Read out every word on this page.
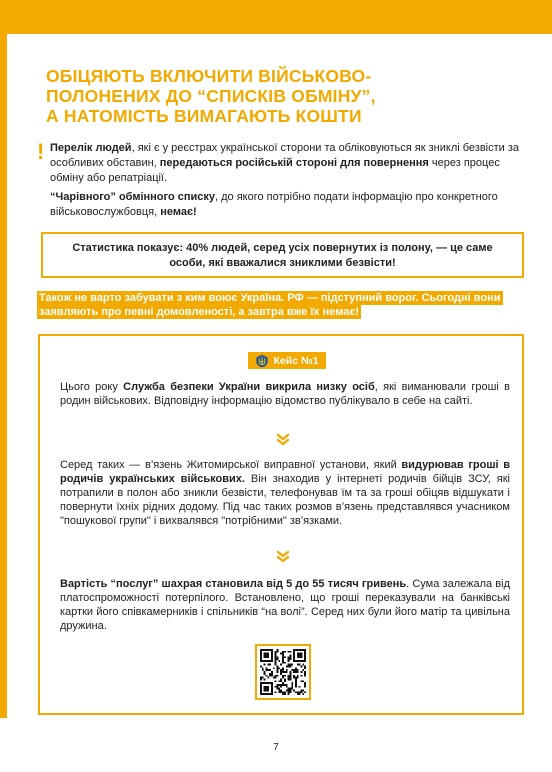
ОБІЦЯЮТЬ ВКЛЮЧИТИ ВІЙСЬКОВО-
ПОЛОНЕНИХ ДО “СПИСКІВ ОБМІНУ”,
А НАТОМІСТЬ ВИМАГАЮТЬ КОШТИ

! Перелік людей, які є у реєстрах української сторони та обліковуються як зниклі безвісти за особливих обставин, передаються російській стороні для повернення через процес обміну або репатріації.

“Чарівного” обмінного списку, до якого потрібно подати інформацію про конкретного військовослужбовця, немає!

Статистика показує: 40% людей, серед усіх повернутих із полону, — це саме особи, які вважалися зниклими безвісти!

Також не варто забувати з ким воює Україна. РФ — підступний ворог. Сьогодні вони заявляють про певні домовленості, а завтра вже їх немає!

Кейс №1

Цього року Служба безпеки України викрила низку осіб, які виманювали гроші в родин військових. Відповідну інформацію відомство публікувало в себе на сайті.

Серед таких — в’язень Житомирської виправної установи, який видурював гроші в родичів українських військових. Він знаходив у інтернеті родичів бійців ЗСУ, які потрапили в полон або зникли безвісти, телефонував їм та за гроші обіцяв відшукати і повернути їхніх рідних додому. Під час таких розмов в’язень представлявся учасником "пошукової групи" і вихвалявся "потрібними" зв’язками.

Вартість “послуг” шахрая становила від 5 до 55 тисяч гривень. Сума залежала від платоспроможності потерпілого. Встановлено, що гроші переказували на банківські картки його співкамерників і спільників “на волі”. Серед них були його матір та цивільна дружина.

7
